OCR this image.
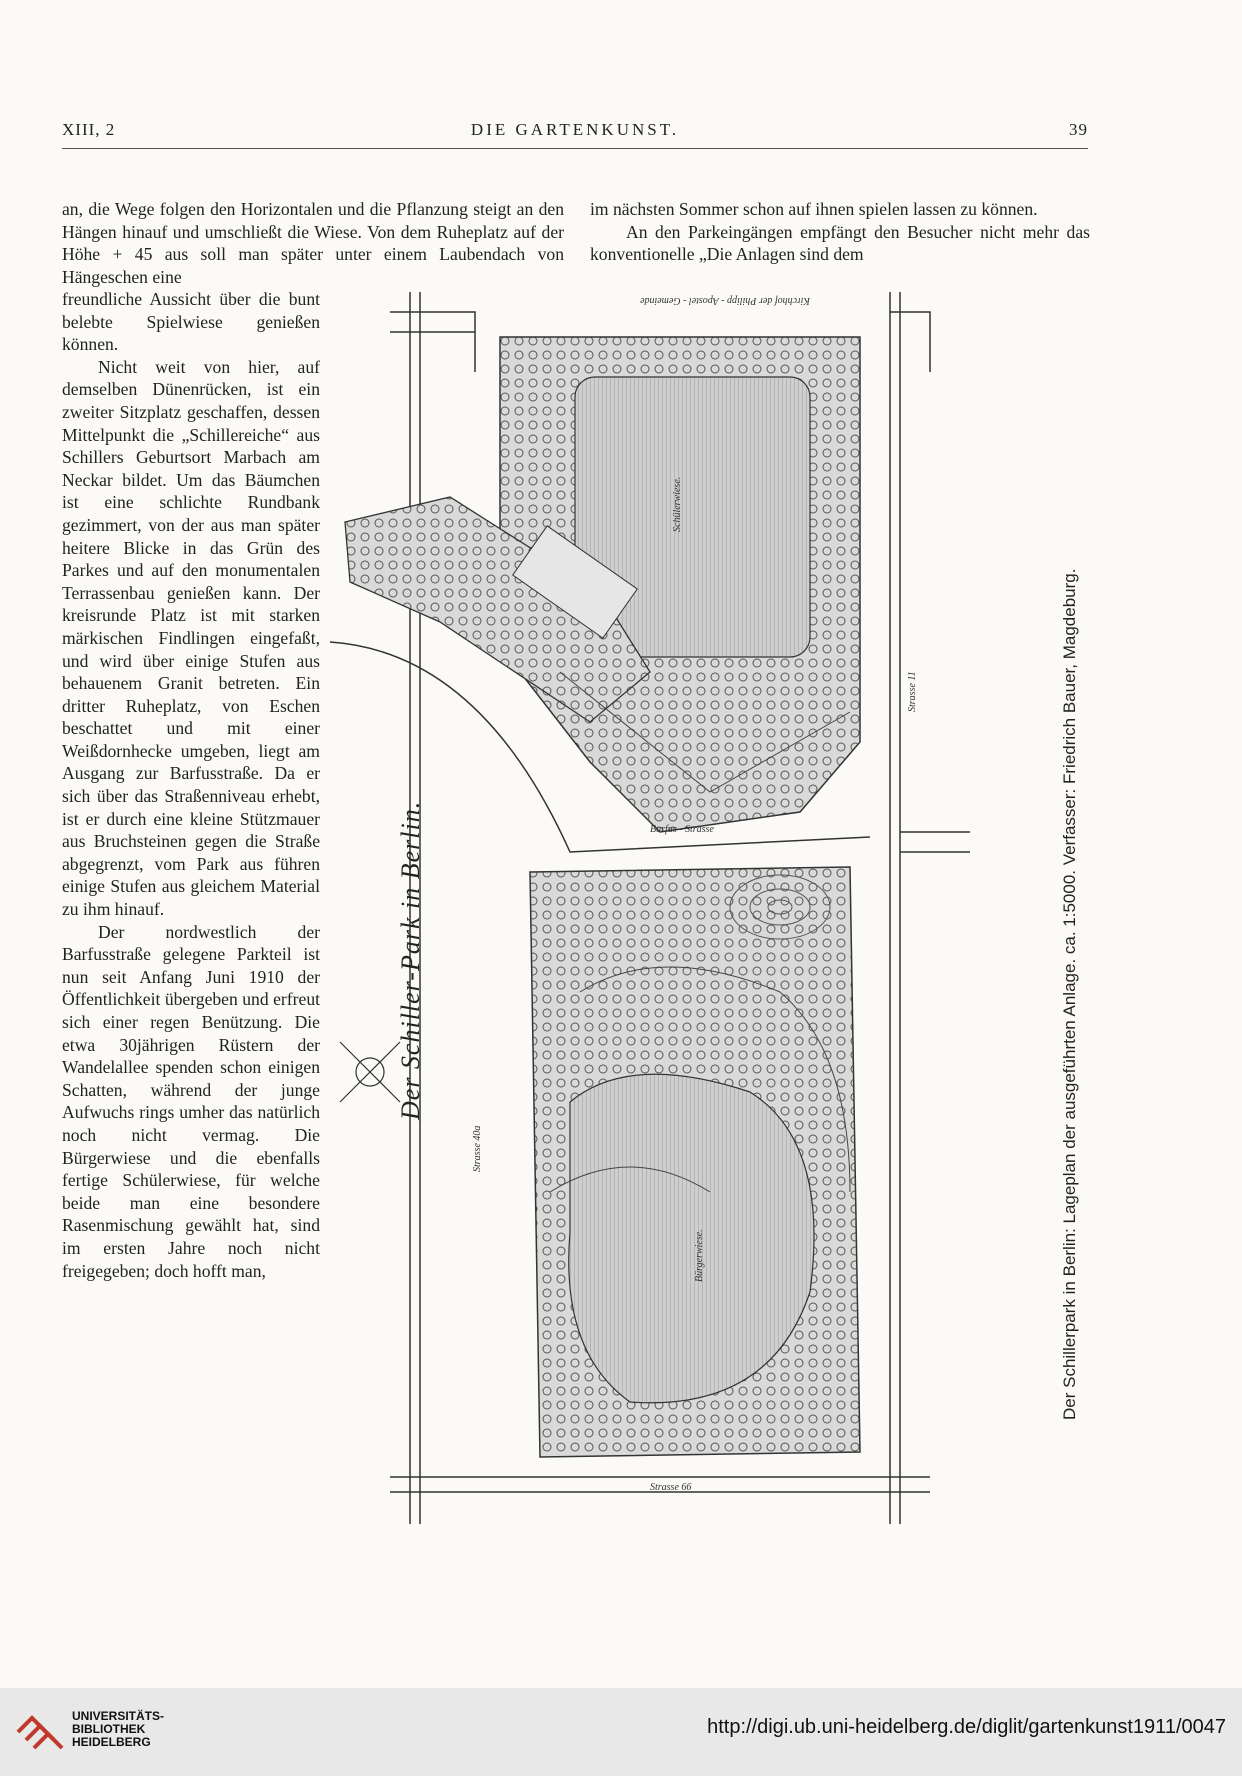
XIII, 2	DIE GARTENKUNST.	39

an, die Wege folgen den Horizontalen und die Pflanzung steigt an den Hängen hinauf und umschließt die Wiese. Von dem Ruheplatz auf der Höhe + 45 aus soll man später unter einem Laubendach von Hängeschen eine

im nächsten Sommer schon auf ihnen spielen lassen zu können.

An den Parkeingängen empfängt den Besucher nicht mehr das konventionelle „Die Anlagen sind dem

freundliche Aussicht über die bunt belebte Spielwiese genießen können.

Nicht weit von hier, auf demselben Dünenrücken, ist ein zweiter Sitzplatz geschaffen, dessen Mittelpunkt die „Schillereiche“ aus Schillers Geburtsort Marbach am Neckar bildet. Um das Bäumchen ist eine schlichte Rundbank gezimmert, von der aus man später heitere Blicke in das Grün des Parkes und auf den monumentalen Terrassenbau genießen kann. Der kreisrunde Platz ist mit starken märkischen Findlingen eingefaßt, und wird über einige Stufen aus behauenem Granit betreten. Ein dritter Ruheplatz, von Eschen beschattet und mit einer Weißdornhecke umgeben, liegt am Ausgang zur Barfusstraße. Da er sich über das Straßenniveau erhebt, ist er durch eine kleine Stützmauer aus Bruchsteinen gegen die Straße abgegrenzt, vom Park aus führen einige Stufen aus gleichem Material zu ihm hinauf.

Der nordwestlich der Barfusstraße gelegene Parkteil ist nun seit Anfang Juni 1910 der Öffentlichkeit übergeben und erfreut sich einer regen Benützung. Die etwa 30jährigen Rüstern der Wandelallee spenden schon einigen Schatten, während der junge Aufwuchs rings umher das natürlich noch nicht vermag. Die Bürgerwiese und die ebenfalls fertige Schülerwiese, für welche beide man eine besondere Rasenmischung gewählt hat, sind im ersten Jahre noch nicht freigegeben; doch hofft man,

Schülerwiese.
Barfus - Strasse
Bürgerwiese.
Kirchhof der Philipp - Apostel - Gemeinde
Strasse 11
Strasse 66
Strasse 40a
Der Schiller-Park in Berlin.	Der Schillerpark in Berlin: Lageplan der ausgeführten Anlage. ca. 1:5000. Verfasser: Friedrich Bauer, Magdeburg.
UNIVERSITÄTS-
BIBLIOTHEK
HEIDELBERG
http://digi.ub.uni-heidelberg.de/diglit/gartenkunst1911/0047
